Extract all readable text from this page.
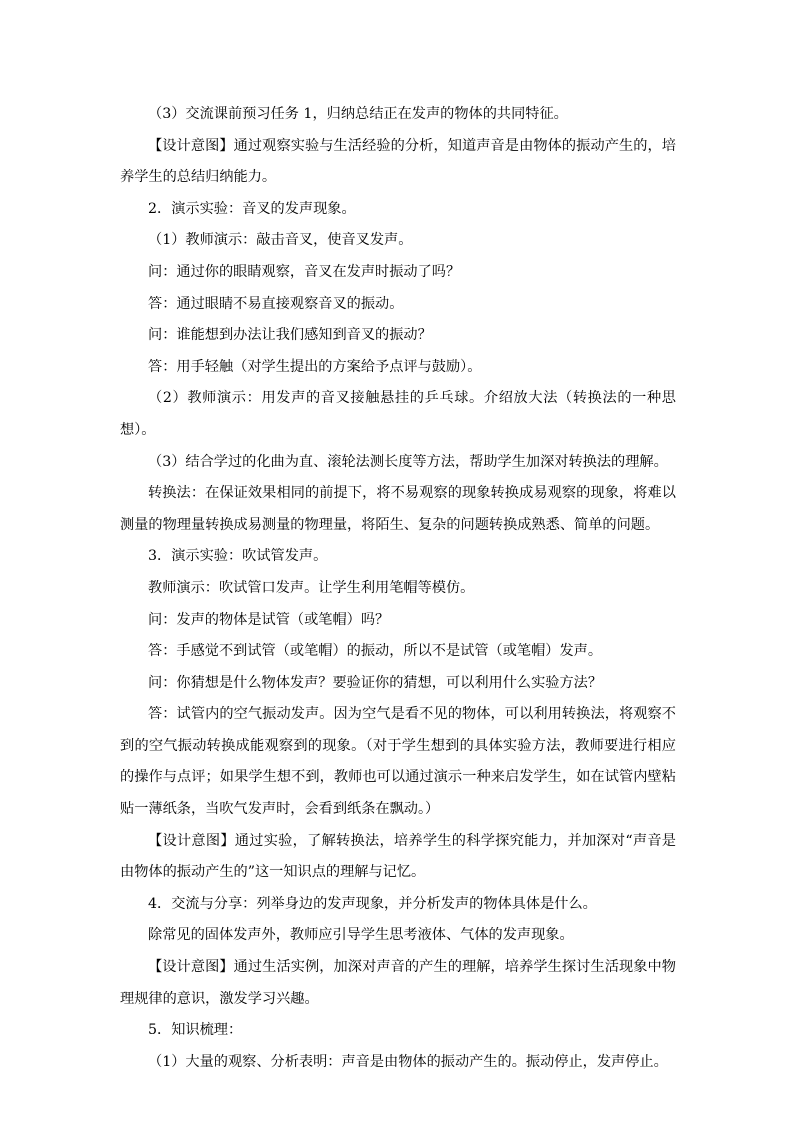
（3）交流课前预习任务 1，归纳总结正在发声的物体的共同特征。

【设计意图】通过观察实验与生活经验的分析，知道声音是由物体的振动产生的，培养学生的总结归纳能力。

2．演示实验：音叉的发声现象。

（1）教师演示：敲击音叉，使音叉发声。

问：通过你的眼睛观察，音叉在发声时振动了吗？

答：通过眼睛不易直接观察音叉的振动。

问：谁能想到办法让我们感知到音叉的振动？

答：用手轻触（对学生提出的方案给予点评与鼓励）。

（2）教师演示：用发声的音叉接触悬挂的乒乓球。介绍放大法（转换法的一种思想）。

（3）结合学过的化曲为直、滚轮法测长度等方法，帮助学生加深对转换法的理解。

转换法：在保证效果相同的前提下，将不易观察的现象转换成易观察的现象，将难以测量的物理量转换成易测量的物理量，将陌生、复杂的问题转换成熟悉、简单的问题。

3．演示实验：吹试管发声。

教师演示：吹试管口发声。让学生利用笔帽等模仿。

问：发声的物体是试管（或笔帽）吗？

答：手感觉不到试管（或笔帽）的振动，所以不是试管（或笔帽）发声。

问：你猜想是什么物体发声？要验证你的猜想，可以利用什么实验方法？

答：试管内的空气振动发声。因为空气是看不见的物体，可以利用转换法，将观察不到的空气振动转换成能观察到的现象。（对于学生想到的具体实验方法，教师要进行相应的操作与点评；如果学生想不到，教师也可以通过演示一种来启发学生，如在试管内壁粘贴一薄纸条，当吹气发声时，会看到纸条在飘动。）

【设计意图】通过实验，了解转换法，培养学生的科学探究能力，并加深对“声音是由物体的振动产生的”这一知识点的理解与记忆。

4．交流与分享：列举身边的发声现象，并分析发声的物体具体是什么。

除常见的固体发声外，教师应引导学生思考液体、气体的发声现象。

【设计意图】通过生活实例，加深对声音的产生的理解，培养学生探讨生活现象中物理规律的意识，激发学习兴趣。

5．知识梳理：

（1）大量的观察、分析表明：声音是由物体的振动产生的。振动停止，发声停止。
